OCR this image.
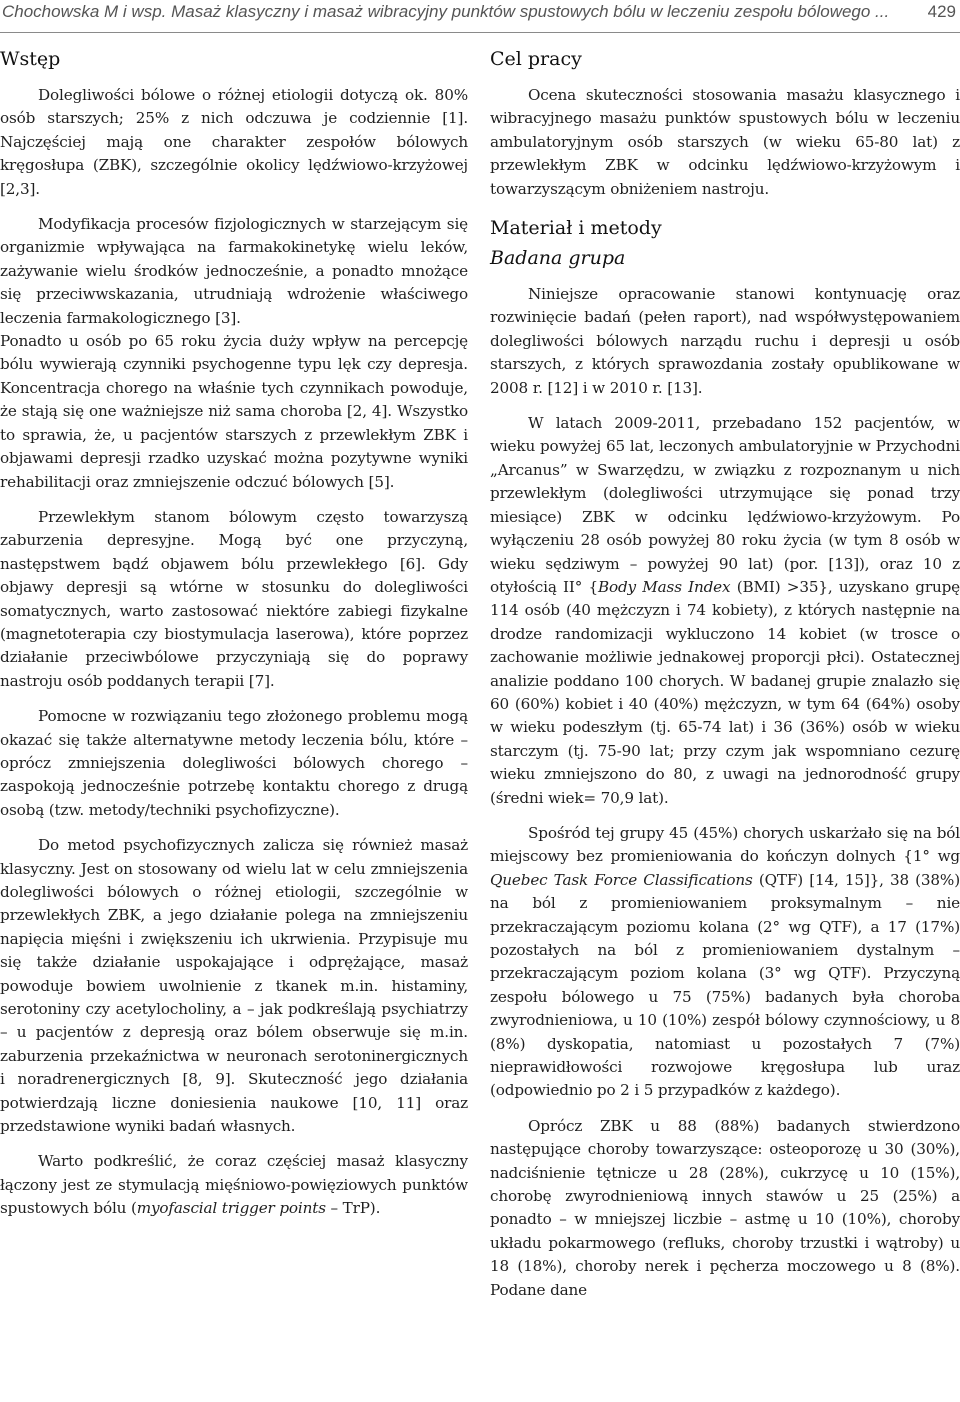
Chochowska M i wsp. Masaż klasyczny i masaż wibracyjny punktów spustowych bólu w leczeniu zespołu bólowego ... 429
Wstęp

Dolegliwości bólowe o różnej etiologii dotyczą ok. 80% osób starszych; 25% z nich odczuwa je codziennie [1]. Najczęściej mają one charakter zespołów bólowych kręgosłupa (ZBK), szczególnie okolicy lędźwiowo-krzyżowej [2,3].

Modyfikacja procesów fizjologicznych w starzejącym się organizmie wpływająca na farmakokinetykę wielu leków, zażywanie wielu środków jednocześnie, a ponadto mnożące się przeciwwskazania, utrudniają wdrożenie właściwego leczenia farmakologicznego [3].

Ponadto u osób po 65 roku życia duży wpływ na percepcję bólu wywierają czynniki psychogenne typu lęk czy depresja. Koncentracja chorego na właśnie tych czynnikach powoduje, że stają się one ważniejsze niż sama choroba [2, 4]. Wszystko to sprawia, że, u pacjentów starszych z przewlekłym ZBK i objawami depresji rzadko uzyskać można pozytywne wyniki rehabilitacji oraz zmniejszenie odczuć bólowych [5].

Przewlekłym stanom bólowym często towarzyszą zaburzenia depresyjne. Mogą być one przyczyną, następstwem bądź objawem bólu przewlekłego [6]. Gdy objawy depresji są wtórne w stosunku do dolegliwości somatycznych, warto zastosować niektóre zabiegi fizykalne (magnetoterapia czy biostymulacja laserowa), które poprzez działanie przeciwbólowe przyczyniają się do poprawy nastroju osób poddanych terapii [7].

Pomocne w rozwiązaniu tego złożonego problemu mogą okazać się także alternatywne metody leczenia bólu, które – oprócz zmniejszenia dolegliwości bólowych chorego – zaspokoją jednocześnie potrzebę kontaktu chorego z drugą osobą (tzw. metody/techniki psychofizyczne).

Do metod psychofizycznych zalicza się również masaż klasyczny. Jest on stosowany od wielu lat w celu zmniejszenia dolegliwości bólowych o różnej etiologii, szczególnie w przewlekłych ZBK, a jego działanie polega na zmniejszeniu napięcia mięśni i zwiększeniu ich ukrwienia. Przypisuje mu się także działanie uspokajające i odprężające, masaż powoduje bowiem uwolnienie z tkanek m.in. histaminy, serotoniny czy acetylocholiny, a – jak podkreślają psychiatrzy – u pacjentów z depresją oraz bólem obserwuje się m.in. zaburzenia przekaźnictwa w neuronach serotoninergicznych i noradrenergicznych [8, 9]. Skuteczność jego działania potwierdzają liczne doniesienia naukowe [10, 11] oraz przedstawione wyniki badań własnych.

Warto podkreślić, że coraz częściej masaż klasyczny łączony jest ze stymulacją mięśniowo-powięziowych punktów spustowych bólu (myofascial trigger points – TrP).

Cel pracy

Ocena skuteczności stosowania masażu klasycznego i wibracyjnego masażu punktów spustowych bólu w leczeniu ambulatoryjnym osób starszych (w wieku 65-80 lat) z przewlekłym ZBK w odcinku lędźwiowo-krzyżowym i towarzyszącym obniżeniem nastroju.

Materiał i metody
Badana grupa

Niniejsze opracowanie stanowi kontynuację oraz rozwinięcie badań (pełen raport), nad współwystępowaniem dolegliwości bólowych narządu ruchu i depresji u osób starszych, z których sprawozdania zostały opublikowane w 2008 r. [12] i w 2010 r. [13].

W latach 2009-2011, przebadano 152 pacjentów, w wieku powyżej 65 lat, leczonych ambulatoryjnie w Przychodni „Arcanus” w Swarzędzu, w związku z rozpoznanym u nich przewlekłym (dolegliwości utrzymujące się ponad trzy miesiące) ZBK w odcinku lędźwiowo-krzyżowym. Po wyłączeniu 28 osób powyżej 80 roku życia (w tym 8 osób w wieku sędziwym – powyżej 90 lat) (por. [13]), oraz 10 z otyłością II° {Body Mass Index (BMI) >35}, uzyskano grupę 114 osób (40 mężczyzn i 74 kobiety), z których następnie na drodze randomizacji wykluczono 14 kobiet (w trosce o zachowanie możliwie jednakowej proporcji płci). Ostatecznej analizie poddano 100 chorych. W badanej grupie znalazło się 60 (60%) kobiet i 40 (40%) mężczyzn, w tym 64 (64%) osoby w wieku podeszłym (tj. 65-74 lat) i 36 (36%) osób w wieku starczym (tj. 75-90 lat; przy czym jak wspomniano cezurę wieku zmniejszono do 80, z uwagi na jednorodność grupy (średni wiek= 70,9 lat).

Spośród tej grupy 45 (45%) chorych uskarżało się na ból miejscowy bez promieniowania do kończyn dolnych {1° wg Quebec Task Force Classifications (QTF) [14, 15]}, 38 (38%) na ból z promieniowaniem proksymalnym – nie przekraczającym poziomu kolana (2° wg QTF), a 17 (17%) pozostałych na ból z promieniowaniem dystalnym – przekraczającym poziom kolana (3° wg QTF). Przyczyną zespołu bólowego u 75 (75%) badanych była choroba zwyrodnieniowa, u 10 (10%) zespół bólowy czynnościowy, u 8 (8%) dyskopatia, natomiast u pozostałych 7 (7%) nieprawidłowości rozwojowe kręgosłupa lub uraz (odpowiednio po 2 i 5 przypadków z każdego).

Oprócz ZBK u 88 (88%) badanych stwierdzono następujące choroby towarzyszące: osteoporozę u 30 (30%), nadciśnienie tętnicze u 28 (28%), cukrzycę u 10 (15%), chorobę zwyrodnieniową innych stawów u 25 (25%) a ponadto – w mniejszej liczbie – astmę u 10 (10%), choroby układu pokarmowego (refluks, choroby trzustki i wątroby) u 18 (18%), choroby nerek i pęcherza moczowego u 8 (8%). Podane dane
